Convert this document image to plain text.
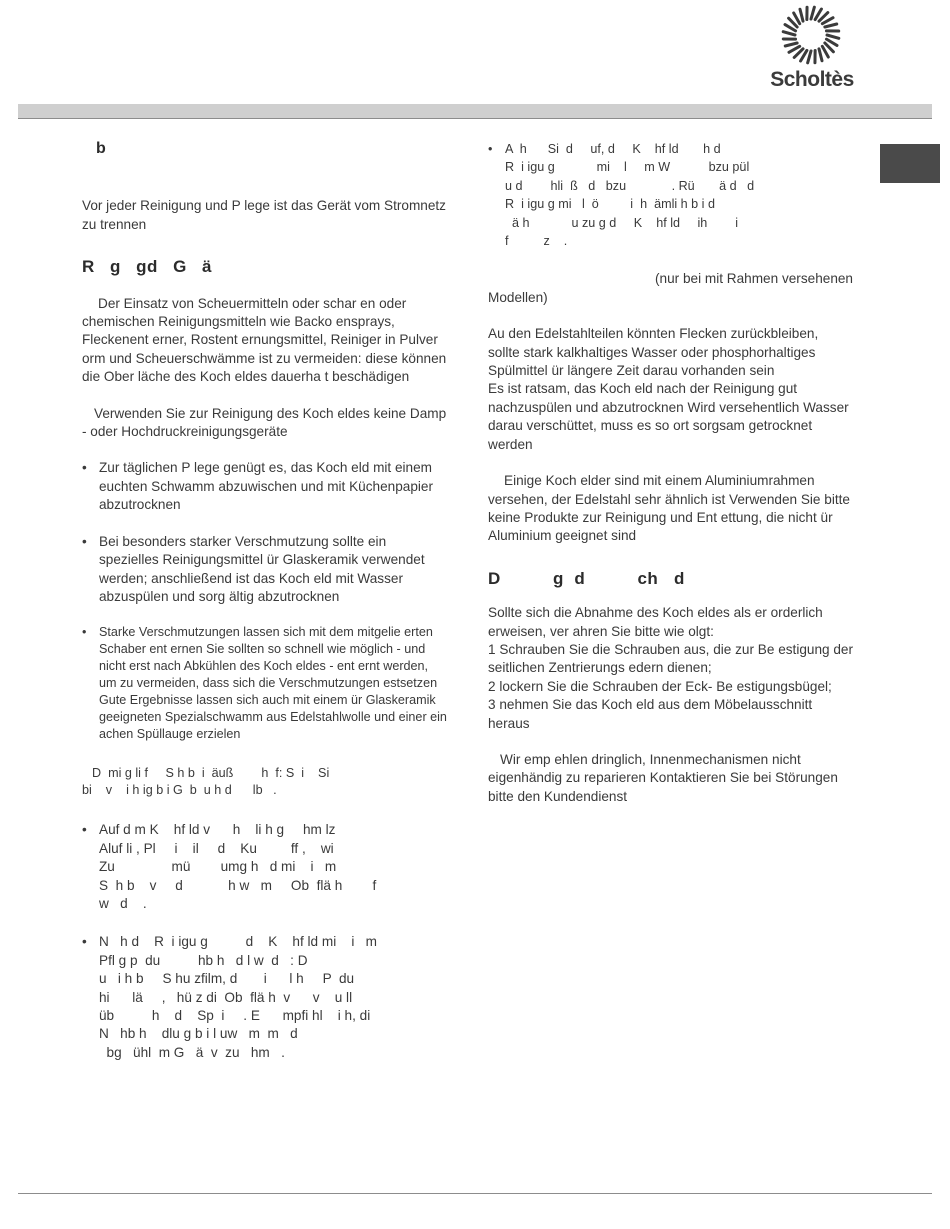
Scholtès
b

Vor jeder Reinigung und P lege ist das Gerät vom Stromnetz zu trennen

R g gd G ä

Der Einsatz von Scheuermitteln oder schar en oder chemischen Reinigungsmitteln wie Backo ensprays, Fleckenent erner, Rostent ernungsmittel, Reiniger in Pulver orm und Scheuerschwämme ist zu vermeiden: diese können die Ober läche des Koch eldes dauerha t beschädigen

Verwenden Sie zur Reinigung des Koch eldes keine Damp - oder Hochdruckreinigungsgeräte

• Zur täglichen P lege genügt es, das Koch eld mit einem euchten Schwamm abzuwischen und mit Küchenpapier abzutrocknen
• Bei besonders starker Verschmutzung sollte ein spezielles Reinigungsmittel ür Glaskeramik verwendet werden; anschließend ist das Koch eld mit Wasser abzuspülen und sorg ältig abzutrocknen
• Starke Verschmutzungen lassen sich mit dem mitgelie erten Schaber ent ernen Sie sollten so schnell wie möglich - und nicht erst nach Abkühlen des Koch eldes - ent ernt werden, um zu vermeiden, dass sich die Verschmutzungen estsetzen Gute Ergebnisse lassen sich auch mit einem ür Glaskeramik geeigneten Spezialschwamm aus Edelstahlwolle und einer ein achen Spüllauge erzielen

D  mi g li f     S h b  i  äuß        h  f: S  i    Si

bi    v    i h ig b i G  b  u h d      lb   .

• Auf d m K    hf ld v      h    li h g     hm lz
Aluf li , Pl     i    il     d    Ku         ff ,    wi
Zu               mü        umg h   d mi    i   m
S  h b    v     d            h w   m     Ob  flä h        f
w   d    .
• N   h d    R  i igu g          d    K    hf ld mi    i   m
Pfl g p  du          hb h   d l w  d   : D
u   i h b     S hu zfilm, d       i      l h     P  du
hi      lä     ,   hü z di  Ob  flä h  v      v    u ll
üb          h    d    Sp  i     . E      mpfi hl    i h, di
N   hb h    dlu g b i l uw   m  m   d
bg   ühl  m G   ä  v  zu   hm   .
• A  h      Si  d     uf, d     K    hf ld       h d
R  i igu g            mi    l     m W           bzu pül
u d        hli  ß   d   bzu             . Rü       ä d   d
R  i igu g mi   l  ö         i  h  ämli h b i d
ä h            u zu g d     K    hf ld     ih        i
f          z    .

(nur bei mit Rahmen versehenen

Modellen)

Au den Edelstahlteilen könnten Flecken zurückbleiben, sollte stark kalkhaltiges Wasser oder phosphorhaltiges Spülmittel ür längere Zeit darau vorhanden sein

Es ist ratsam, das Koch eld nach der Reinigung gut nachzuspülen und abzutrocknen Wird versehentlich Wasser darau verschüttet, muss es so ort sorgsam getrocknet werden

Einige Koch elder sind mit einem Aluminiumrahmen versehen, der Edelstahl sehr ähnlich ist Verwenden Sie bitte keine Produkte zur Reinigung und Ent ettung, die nicht ür Aluminium geeignet sind

D          g  d          ch   d

Sollte sich die Abnahme des Koch eldes als er orderlich erweisen, ver ahren Sie bitte wie olgt:

1 Schrauben Sie die Schrauben aus, die zur Be estigung der seitlichen Zentrierungs edern dienen;

2 lockern Sie die Schrauben der Eck- Be estigungsbügel;

3 nehmen Sie das Koch eld aus dem Möbelausschnitt heraus

Wir emp ehlen dringlich, Innenmechanismen nicht eigenhändig zu reparieren Kontaktieren Sie bei Störungen bitte den Kundendienst
